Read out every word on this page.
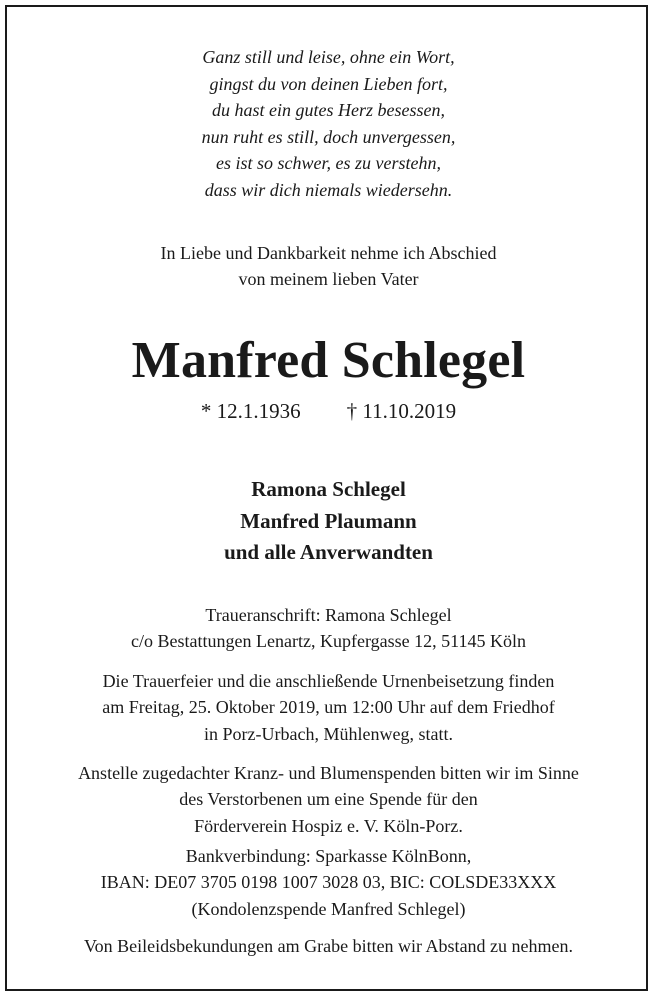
Ganz still und leise, ohne ein Wort,
gingst du von deinen Lieben fort,
du hast ein gutes Herz besessen,
nun ruht es still, doch unvergessen,
es ist so schwer, es zu verstehn,
dass wir dich niemals wiedersehn.
In Liebe und Dankbarkeit nehme ich Abschied
von meinem lieben Vater
Manfred Schlegel
* 12.1.1936 † 11.10.2019
Ramona Schlegel
Manfred Plaumann
und alle Anverwandten
Traueranschrift: Ramona Schlegel
c/o Bestattungen Lenartz, Kupfergasse 12, 51145 Köln
Die Trauerfeier und die anschließende Urnenbeisetzung finden
am Freitag, 25. Oktober 2019, um 12:00 Uhr auf dem Friedhof
in Porz-Urbach, Mühlenweg, statt.
Anstelle zugedachter Kranz- und Blumenspenden bitten wir im Sinne
des Verstorbenen um eine Spende für den
Förderverein Hospiz e. V. Köln-Porz.
Bankverbindung: Sparkasse KölnBonn,
IBAN: DE07 3705 0198 1007 3028 03, BIC: COLSDE33XXX
(Kondolenzspende Manfred Schlegel)
Von Beileidsbekundungen am Grabe bitten wir Abstand zu nehmen.
